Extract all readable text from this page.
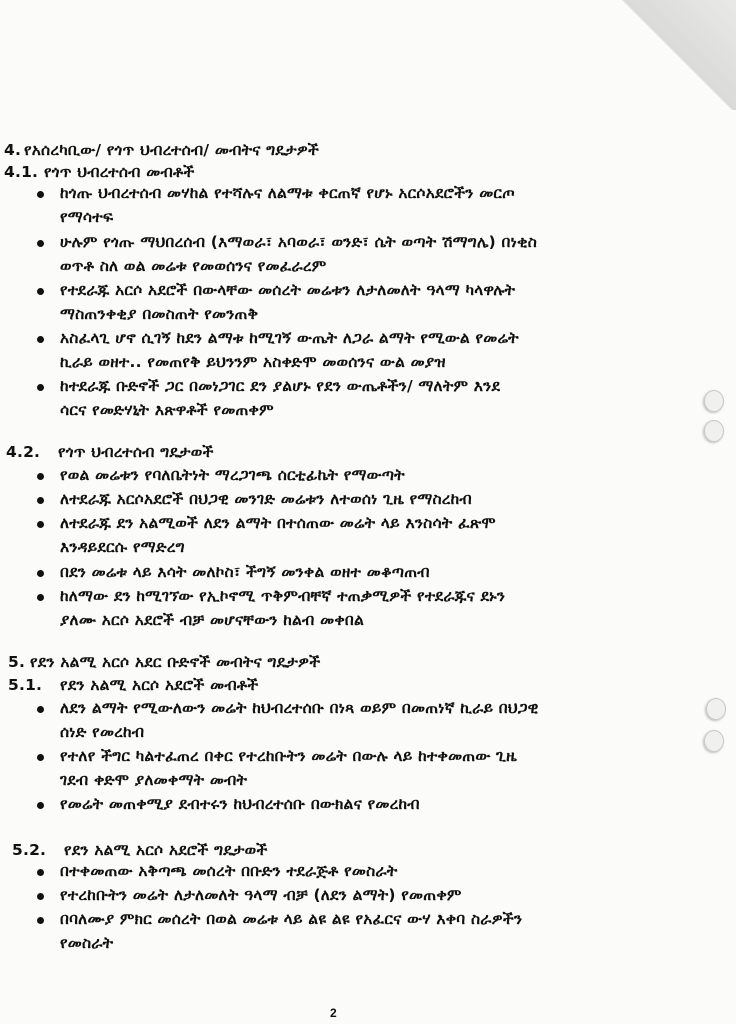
4. የአሰረካቢው/ የጎጥ ህብረተሰብ/ መብትና ግዴታዎች
4.1. የጎጥ ህብረተሰብ መብቶች
ከጎጡ ህብረተሰብ መሃከል የተሻሉና ለልማቱ ቀርጠኛ የሆኑ አርሶአደሮችን መርጦ
የማሳተፍ
ሁሉም የጎጡ ማህበረሰብ (እማወራ፣ አባወራ፣ ወንድ፣ ሴት ወጣት ሽማግሌ) በነቂስ
ወጥቶ ስለ ወል መሬቱ የመወሰንና የመፈራረም
የተደራጁ አርሶ አደሮች በውላቸው መሰረት መሬቱን ለታለመለት ዓላማ ካላዋሉት
ማስጠንቀቂያ በመስጠት የመንጠቅ
አስፈላጊ ሆኖ ሲገኝ ከደን ልማቱ ከሚገኝ ውጤት ለጋራ ልማት የሚውል የመሬት
ኪራይ ወዘተ.. የመጠየቅ ይህንንም አስቀድሞ መወሰንና ውል መያዝ
ከተደራጁ ቡድኖች ጋር በመነጋገር ደን ያልሆኑ የደን ውጤቶችን/ ማለትም እንደ
ሳርና የመድሃኒት እጽዋቶች የመጠቀም
4.2. የጎጥ ህብረተሰብ ግዴታወች
የወል መሬቱን የባለቤትነት ማረጋገጫ ሰርቲፊኬት የማውጣት
ለተደራጁ አርሶአደሮች በህጋዊ መንገድ መሬቱን ለተወሰነ ጊዜ የማስረከብ
ለተደራጁ ደን አልሚወች ለደን ልማት በተሰጠው መሬት ላይ እንስሳት ፈጽሞ
እንዳይደርሱ የማድረግ
በደን መሬቱ ላይ እሳት መለኮስ፣ ችግኝ መንቀል ወዘተ መቆጣጠብ
ከለማው ደን ከሚገኘው የኢኮኖሚ ጥቅምብቸኛ ተጠቃሚዎች የተደራጁና ደኑን
ያለሙ አርሶ አደሮች ብቻ መሆናቸውን ከልብ መቀበል
5. የደን አልሚ አርሶ አደር ቡድኖች መብትና ግዴታዎች
5.1. የደን አልሚ አርሶ አደሮች መብቶች
ለደን ልማት የሚውለውን መሬት ከህብረተሰቡ በነጻ ወይም በመጠነኛ ኪራይ በህጋዊ
ሰነድ የመረከብ
የተለየ ችግር ካልተፈጠረ በቀር የተረከቡትን መሬት በውሉ ላይ ከተቀመጠው ጊዜ
ገደብ ቀድሞ ያለመቀማት መብት
የመሬት መጠቀሚያ ደብተሩን ከህብረተሰቡ በውክልና የመረከብ
5.2. የደን አልሚ አርሶ አደሮች ግዴታወች
በተቀመጠው አቅጣጫ መሰረት በቡድን ተደራጅቶ የመስራት
የተረከቡትን መሬት ለታለመለት ዓላማ ብቻ (ለደን ልማት) የመጠቀም
በባለሙያ ምክር መሰረት በወል መሬቱ ላይ ልዩ ልዩ የአፈርና ውሃ እቀባ ስራዎችን
የመስራት
2
